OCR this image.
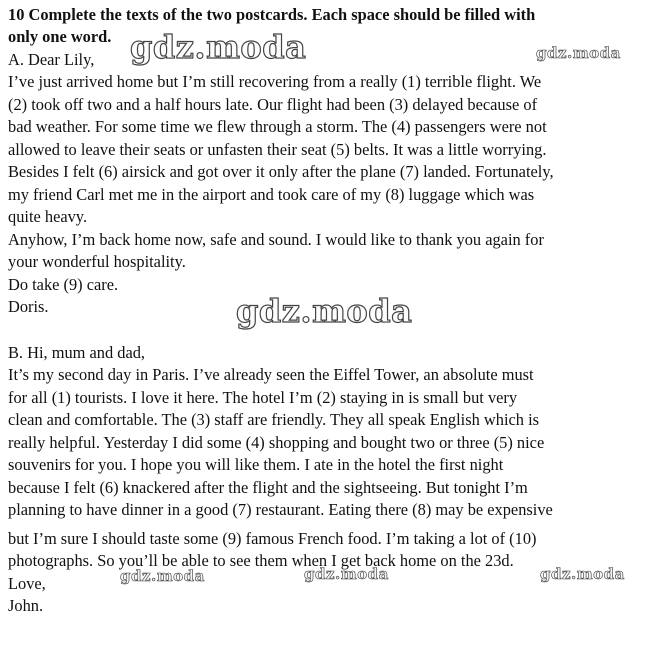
10 Complete the texts of the two postcards. Each space should be filled with
only one word.
A. Dear Lily,
I’ve just arrived home but I’m still recovering from a really (1) terrible flight. We
(2) took off two and a half hours late. Our flight had been (3) delayed because of
bad weather. For some time we flew through a storm. The (4) passengers were not
allowed to leave their seats or unfasten their seat (5) belts. It was a little worrying.
Besides I felt (6) airsick and got over it only after the plane (7) landed. Fortunately,
my friend Carl met me in the airport and took care of my (8) luggage which was
quite heavy.
Anyhow, I’m back home now, safe and sound. I would like to thank you again for
your wonderful hospitality.
Do take (9) care.
Doris.
B. Hi, mum and dad,
It’s my second day in Paris. I’ve already seen the Eiffel Tower, an absolute must
for all (1) tourists. I love it here. The hotel I’m (2) staying in is small but very
clean and comfortable. The (3) staff are friendly. They all speak English which is
really helpful. Yesterday I did some (4) shopping and bought two or three (5) nice
souvenirs for you. I hope you will like them. I ate in the hotel the first night
because I felt (6) knackered after the flight and the sightseeing. But tonight I’m
planning to have dinner in a good (7) restaurant. Eating there (8) may be expensive
but I’m sure I should taste some (9) famous French food. I’m taking a lot of (10)
photographs. So you’ll be able to see them when I get back home on the 23d.
Love,
John.
gdz.moda	gdz.moda
gdz.moda
gdz.moda	gdz.moda	gdz.moda
